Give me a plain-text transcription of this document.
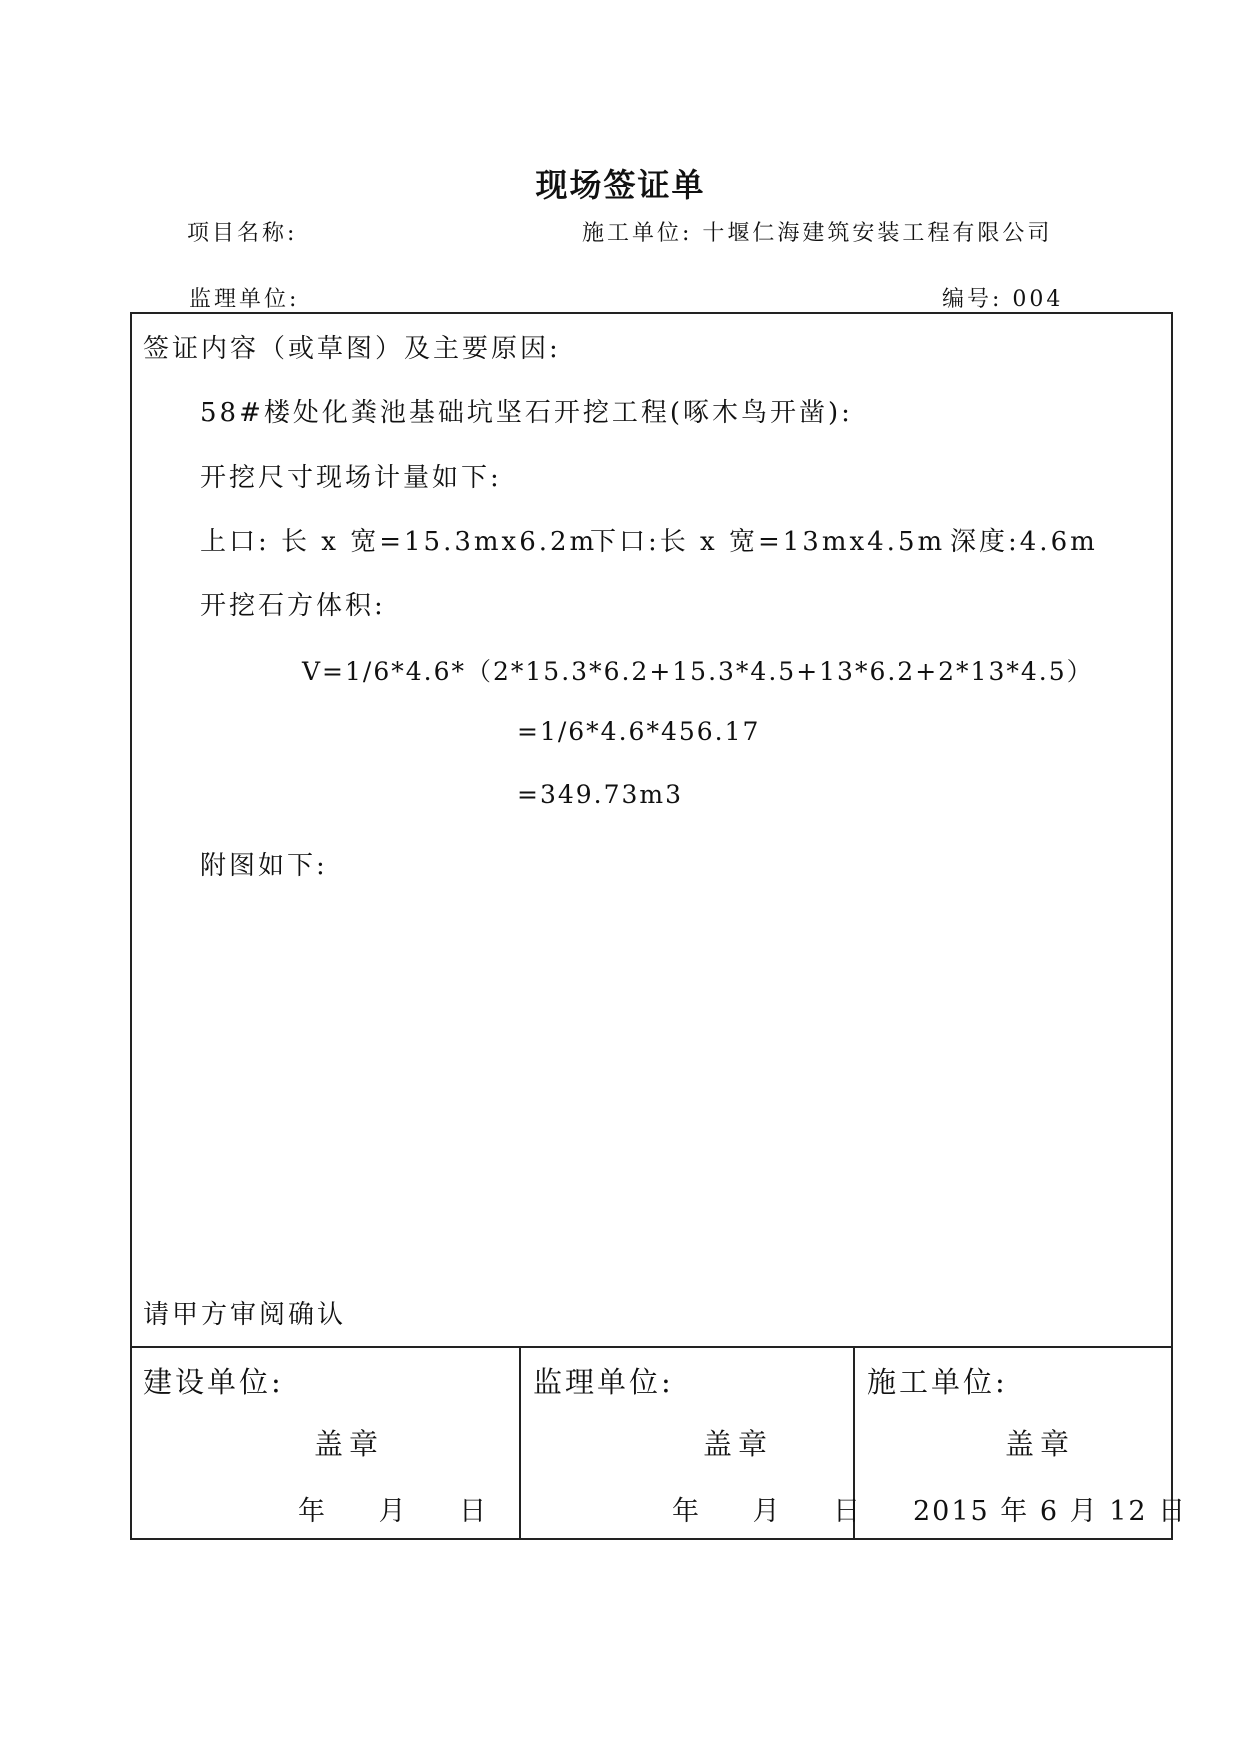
现场签证单
项目名称:	施工单位: 十堰仁海建筑安装工程有限公司
监理单位:	编号: 004
签证内容（或草图）及主要原因:
58#楼处化粪池基础坑坚石开挖工程(啄木鸟开凿):
开挖尺寸现场计量如下:
上口: 长 x 宽=15.3mx6.2m
下口:长 x 宽=13mx4.5m 深度:4.6m
开挖石方体积:
V=1/6*4.6*（2*15.3*6.2+15.3*4.5+13*6.2+2*13*4.5）
=1/6*4.6*456.17
=349.73m3
附图如下:
请甲方审阅确认
建设单位:
盖章
年　 月　 日
监理单位:
盖章
年　 月　 日
施工单位:
盖章
2015 年 6 月 12 日
